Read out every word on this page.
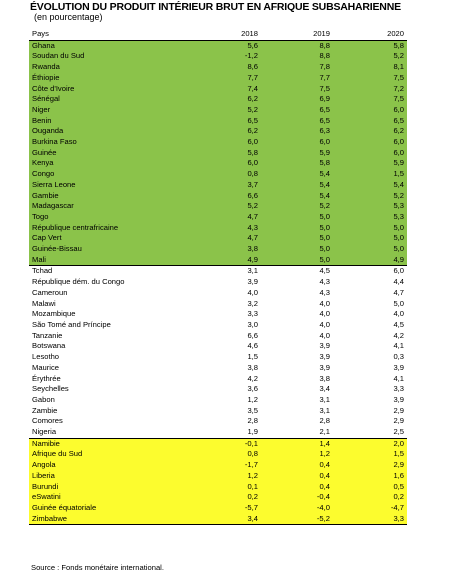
ÉVOLUTION DU PRODUIT INTÉRIEUR BRUT EN AFRIQUE SUBSAHARIENNE
(en pourcentage)
Pays	2018	2019	2020
Ghana	5,6	8,8	5,8
Soudan du Sud	-1,2	8,8	5,2
Rwanda	8,6	7,8	8,1
Éthiopie	7,7	7,7	7,5
Côte d'Ivoire	7,4	7,5	7,2
Sénégal	6,2	6,9	7,5
Niger	5,2	6,5	6,0
Benin	6,5	6,5	6,5
Ouganda	6,2	6,3	6,2
Burkina Faso	6,0	6,0	6,0
Guinée	5,8	5,9	6,0
Kenya	6,0	5,8	5,9
Congo	0,8	5,4	1,5
Sierra Leone	3,7	5,4	5,4
Gambie	6,6	5,4	5,2
Madagascar	5,2	5,2	5,3
Togo	4,7	5,0	5,3
République centrafricaine	4,3	5,0	5,0
Cap Vert	4,7	5,0	5,0
Guinée-Bissau	3,8	5,0	5,0
Mali	4,9	5,0	4,9
Tchad	3,1	4,5	6,0
République dém. du Congo	3,9	4,3	4,4
Cameroun	4,0	4,3	4,7
Malawi	3,2	4,0	5,0
Mozambique	3,3	4,0	4,0
São Tomé and Príncipe	3,0	4,0	4,5
Tanzanie	6,6	4,0	4,2
Botswana	4,6	3,9	4,1
Lesotho	1,5	3,9	0,3
Maurice	3,8	3,9	3,9
Érythrée	4,2	3,8	4,1
Seychelles	3,6	3,4	3,3
Gabon	1,2	3,1	3,9
Zambie	3,5	3,1	2,9
Comores	2,8	2,8	2,9
Nigeria	1,9	2,1	2,5
Namibie	-0,1	1,4	2,0
Afrique du Sud	0,8	1,2	1,5
Angola	-1,7	0,4	2,9
Liberia	1,2	0,4	1,6
Burundi	0,1	0,4	0,5
eSwatini	0,2	-0,4	0,2
Guinée équatoriale	-5,7	-4,0	-4,7
Zimbabwe	3,4	-5,2	3,3
Source : Fonds monétaire international.
